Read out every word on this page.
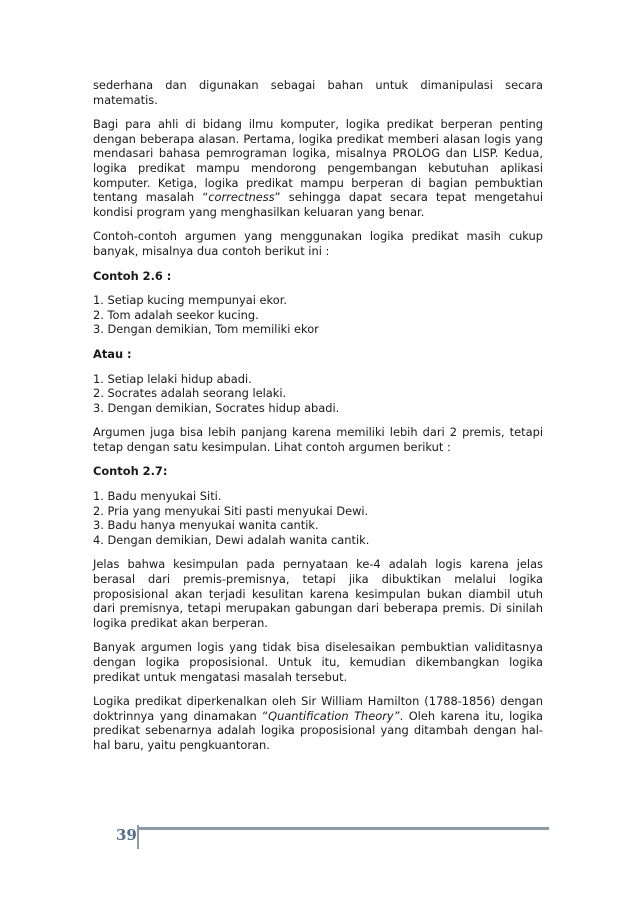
sederhana dan digunakan sebagai bahan untuk dimanipulasi secara matematis.

Bagi para ahli di bidang ilmu komputer, logika predikat berperan penting dengan beberapa alasan. Pertama, logika predikat memberi alasan logis yang mendasari bahasa pemrograman logika, misalnya PROLOG dan LISP. Kedua, logika predikat mampu mendorong pengembangan kebutuhan aplikasi komputer. Ketiga, logika predikat mampu berperan di bagian pembuktian tentang masalah “correctness” sehingga dapat secara tepat mengetahui kondisi program yang menghasilkan keluaran yang benar.

Contoh-contoh argumen yang menggunakan logika predikat masih cukup banyak, misalnya dua contoh berikut ini :

Contoh 2.6 :
1. Setiap kucing mempunyai ekor.
2. Tom adalah seekor kucing.
3. Dengan demikian, Tom memiliki ekor
Atau :
1. Setiap lelaki hidup abadi.
2. Socrates adalah seorang lelaki.
3. Dengan demikian, Socrates hidup abadi.

Argumen juga bisa lebih panjang karena memiliki lebih dari 2 premis, tetapi tetap dengan satu kesimpulan. Lihat contoh argumen berikut :

Contoh 2.7:
1. Badu menyukai Siti.
2. Pria yang menyukai Siti pasti menyukai Dewi.
3. Badu hanya menyukai wanita cantik.
4. Dengan demikian, Dewi adalah wanita cantik.

Jelas bahwa kesimpulan pada pernyataan ke-4 adalah logis karena jelas berasal dari premis-premisnya, tetapi jika dibuktikan melalui logika proposisional akan terjadi kesulitan karena kesimpulan bukan diambil utuh dari premisnya, tetapi merupakan gabungan dari beberapa premis. Di sinilah logika predikat akan berperan.

Banyak argumen logis yang tidak bisa diselesaikan pembuktian validitasnya dengan logika proposisional. Untuk itu, kemudian dikembangkan logika predikat untuk mengatasi masalah tersebut.

Logika predikat diperkenalkan oleh Sir William Hamilton (1788-1856) dengan doktrinnya yang dinamakan “Quantification Theory”. Oleh karena itu, logika predikat sebenarnya adalah logika proposisional yang ditambah dengan hal-hal baru, yaitu pengkuantoran.

39
